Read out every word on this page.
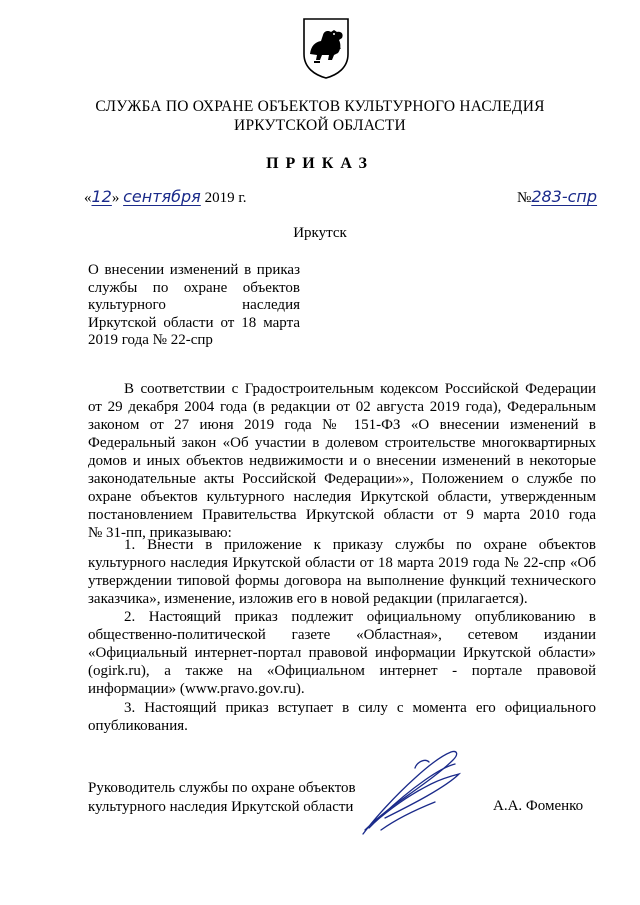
СЛУЖБА ПО ОХРАНЕ ОБЪЕКТОВ КУЛЬТУРНОГО НАСЛЕДИЯ
ИРКУТСКОЙ ОБЛАСТИ
ПРИКАЗ
«12» сентября 2019 г.	№283-спр
Иркутск
О внесении изменений в приказ
службы по охране объектов
культурного наследия
Иркутской области от 18 марта
2019 года № 22-спр
В соответствии с Градостроительным кодексом Российской Федерации
от 29 декабря 2004 года (в редакции от 02 августа 2019 года), Федеральным
законом от 27 июня 2019 года № 151-ФЗ «О внесении изменений в
Федеральный закон «Об участии в долевом строительстве многоквартирных
домов и иных объектов недвижимости и о внесении изменений в некоторые
законодательные акты Российской Федерации»», Положением о службе по
охране объектов культурного наследия Иркутской области, утвержденным
постановлением Правительства Иркутской области от 9 марта 2010 года
№ 31-пп, приказываю:
1. Внести в приложение к приказу службы по охране объектов
культурного наследия Иркутской области от 18 марта 2019 года № 22-спр «Об
утверждении типовой формы договора на выполнение функций технического
заказчика», изменение, изложив его в новой редакции (прилагается).
2. Настоящий приказ подлежит официальному опубликованию в
общественно-политической газете «Областная», сетевом издании
«Официальный интернет-портал правовой информации Иркутской области»
(ogirk.ru), а также на «Официальном интернет - портале правовой
информации» (www.pravo.gov.ru).
3. Настоящий приказ вступает в силу с момента его официального
опубликования.
Руководитель службы по охране объектов
культурного наследия Иркутской области	А.А. Фоменко
